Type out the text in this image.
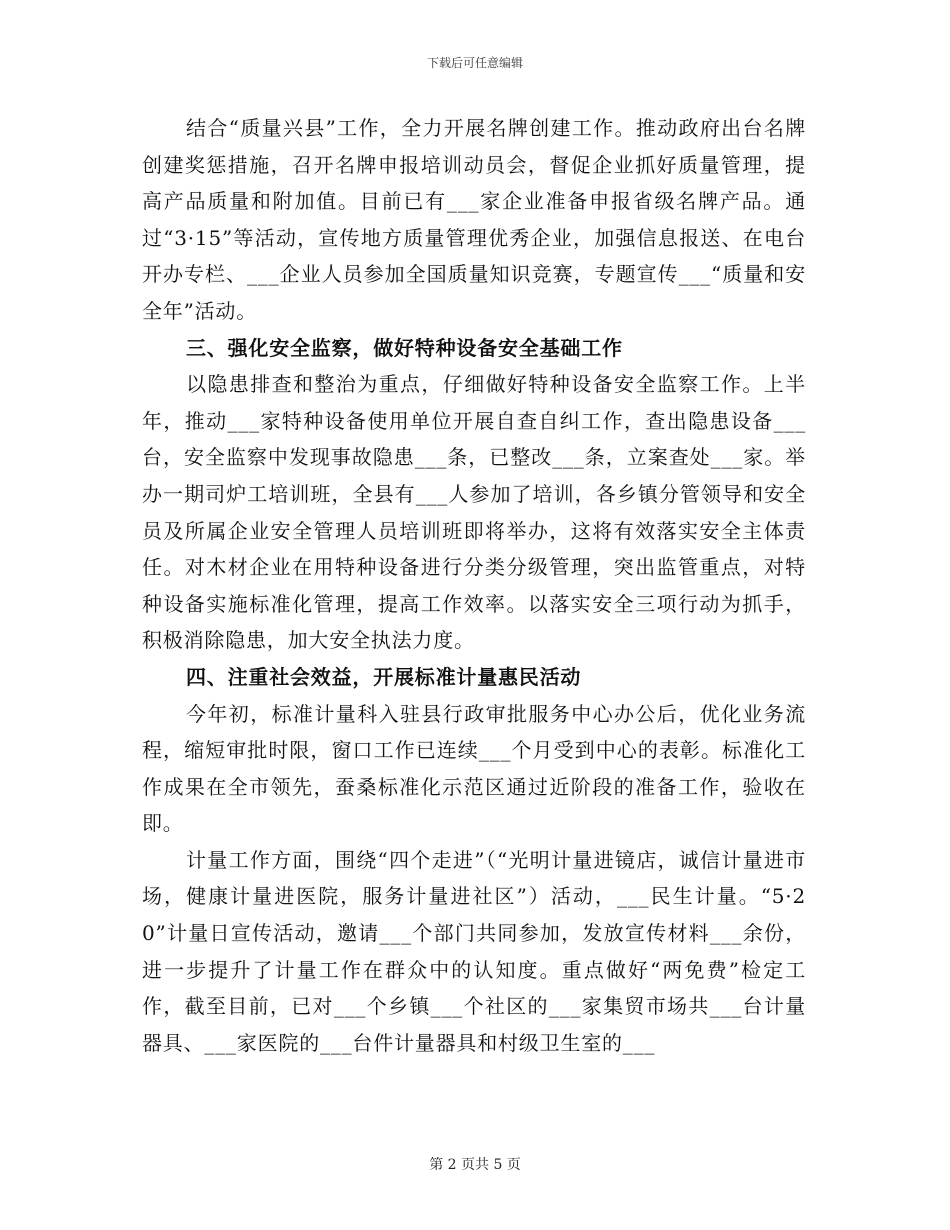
下载后可任意编辑

结合“质量兴县”工作，全力开展名牌创建工作。推动政府出台名牌创建奖惩措施，召开名牌申报培训动员会，督促企业抓好质量管理，提高产品质量和附加值。目前已有___家企业准备申报省级名牌产品。通过“3·15”等活动，宣传地方质量管理优秀企业，加强信息报送、在电台开办专栏、___企业人员参加全国质量知识竞赛，专题宣传___“质量和安全年”活动。

三、强化安全监察，做好特种设备安全基础工作

以隐患排查和整治为重点，仔细做好特种设备安全监察工作。上半年，推动___家特种设备使用单位开展自查自纠工作，查出隐患设备___台，安全监察中发现事故隐患___条，已整改___条，立案查处___家。举办一期司炉工培训班，全县有___人参加了培训，各乡镇分管领导和安全员及所属企业安全管理人员培训班即将举办，这将有效落实安全主体责任。对木材企业在用特种设备进行分类分级管理，突出监管重点，对特种设备实施标准化管理，提高工作效率。以落实安全三项行动为抓手，积极消除隐患，加大安全执法力度。

四、注重社会效益，开展标准计量惠民活动

今年初，标准计量科入驻县行政审批服务中心办公后，优化业务流程，缩短审批时限，窗口工作已连续___个月受到中心的表彰。标准化工作成果在全市领先，蚕桑标准化示范区通过近阶段的准备工作，验收在即。

计量工作方面，围绕“四个走进”（“光明计量进镜店，诚信计量进市场，健康计量进医院，服务计量进社区”）活动，___民生计量。“5·20”计量日宣传活动，邀请___个部门共同参加，发放宣传材料___余份，进一步提升了计量工作在群众中的认知度。重点做好“两免费”检定工作，截至目前，已对___个乡镇___个社区的___家集贸市场共___台计量器具、___家医院的___台件计量器具和村级卫生室的___

第 2 页共 5 页
